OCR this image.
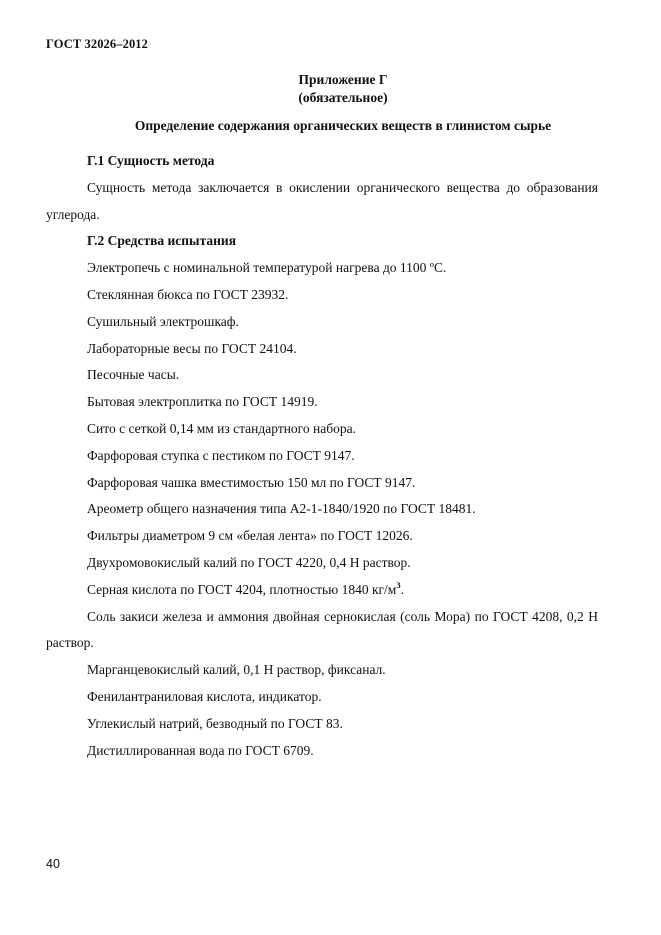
ГОСТ 32026–2012
Приложение Г
(обязательное)
Определение содержания органических веществ в глинистом сырье

Г.1 Сущность метода

Сущность метода заключается в окислении органического вещества до образования углерода.

Г.2 Средства испытания

Электропечь с номинальной температурой нагрева до 1100 ºС.

Стеклянная бюкса по ГОСТ 23932.

Сушильный электрошкаф.

Лабораторные весы по ГОСТ 24104.

Песочные часы.

Бытовая электроплитка по ГОСТ 14919.

Сито с сеткой 0,14 мм из стандартного набора.

Фарфоровая ступка с пестиком по ГОСТ 9147.

Фарфоровая чашка вместимостью 150 мл по ГОСТ 9147.

Ареометр общего назначения типа А2-1-1840/1920 по ГОСТ 18481.

Фильтры диаметром 9 см «белая лента» по ГОСТ 12026.

Двухромовокислый калий по ГОСТ 4220, 0,4 Н раствор.

Серная кислота по ГОСТ 4204, плотностью 1840 $кг/м^3$.

Соль закиси железа и аммония двойная сернокислая (соль Мора) по ГОСТ 4208, 0,2 Н раствор.

Марганцевокислый калий, 0,1 Н раствор, фиксанал.

Фенилантраниловая кислота, индикатор.

Углекислый натрий, безводный по ГОСТ 83.

Дистиллированная вода по ГОСТ 6709.

40
